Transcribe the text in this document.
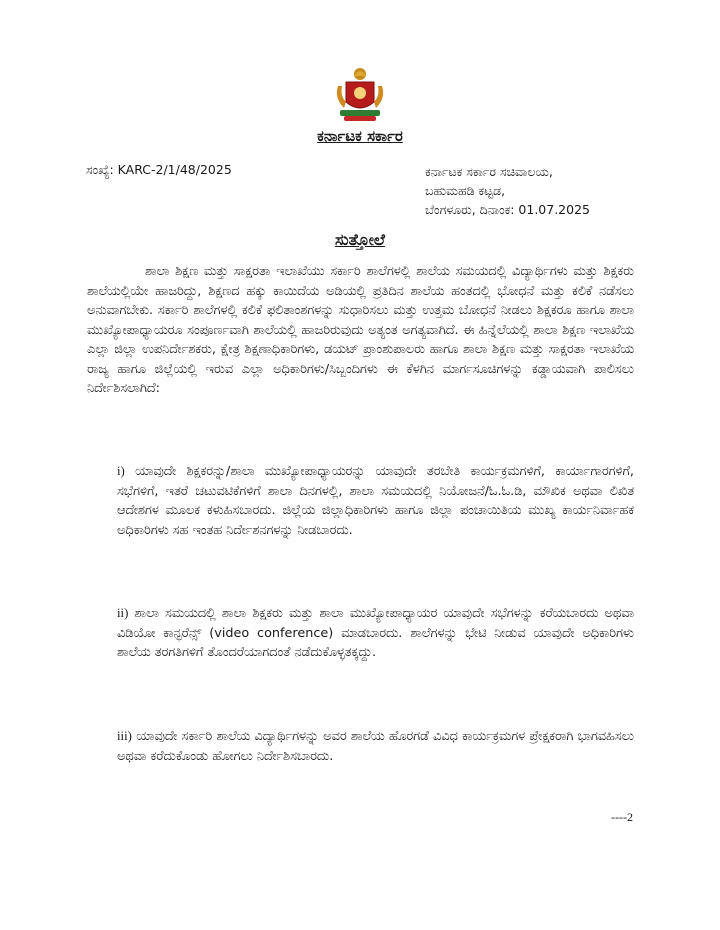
ಕರ್ನಾಟಕ ಸರ್ಕಾರ
ಸಂಖ್ಯೆ: KARC-2/1/48/2025	ಕರ್ನಾಟಕ ಸರ್ಕಾರ ಸಚಿವಾಲಯ,
ಬಹುಮಹಡಿ ಕಟ್ಟಡ,
ಬೆಂಗಳೂರು, ದಿನಾಂಕ: 01.07.2025
ಸುತ್ತೋಲೆ
ಶಾಲಾ ಶಿಕ್ಷಣ ಮತ್ತು ಸಾಕ್ಷರತಾ ಇಲಾಖೆಯು ಸರ್ಕಾರಿ ಶಾಲೆಗಳಲ್ಲಿ ಶಾಲೆಯ ಸಮಯದಲ್ಲಿ ವಿದ್ಯಾರ್ಥಿಗಳು ಮತ್ತು ಶಿಕ್ಷಕರು ಶಾಲೆಯಲ್ಲಿಯೇ ಹಾಜರಿದ್ದು, ಶಿಕ್ಷಣದ ಹಕ್ಕು ಕಾಯಿದೆಯ ಅಡಿಯಲ್ಲಿ ಪ್ರತಿದಿನ ಶಾಲೆಯ ಹಂತದಲ್ಲಿ ಭೋಧನೆ ಮತ್ತು ಕಲಿಕೆ ನಡೆಸಲು ಅನುವಾಗಬೇಕು. ಸರ್ಕಾರಿ ಶಾಲೆಗಳಲ್ಲಿ ಕಲಿಕೆ ಫಲಿತಾಂಶಗಳನ್ನು ಸುಧಾರಿಸಲು ಮತ್ತು ಉತ್ತಮ ಬೋಧನೆ ನೀಡಲು ಶಿಕ್ಷಕರೂ ಹಾಗೂ ಶಾಲಾ ಮುಖ್ಯೋಪಾಧ್ಯಾಯರೂ ಸಂಪೂರ್ಣವಾಗಿ ಶಾಲೆಯಲ್ಲಿ ಹಾಜರಿರುವುದು ಅತ್ಯಂತ ಅಗತ್ಯವಾಗಿದೆ. ಈ ಹಿನ್ನೆಲೆಯಲ್ಲಿ ಶಾಲಾ ಶಿಕ್ಷಣ ಇಲಾಖೆಯ ಎಲ್ಲಾ ಜಿಲ್ಲಾ ಉಪನಿರ್ದೇಶಕರು, ಕ್ಷೇತ್ರ ಶಿಕ್ಷಣಾಧಿಕಾರಿಗಳು, ಡಯಟ್ ಪ್ರಾಂಶುಪಾಲರು ಹಾಗೂ ಶಾಲಾ ಶಿಕ್ಷಣ ಮತ್ತು ಸಾಕ್ಷರತಾ ಇಲಾಖೆಯ ರಾಜ್ಯ ಹಾಗೂ ಜಿಲ್ಲೆಯಲ್ಲಿ ಇರುವ ಎಲ್ಲಾ ಅಧಿಕಾರಿಗಳು/ಸಿಬ್ಬಂದಿಗಳು ಈ ಕೆಳಗಿನ ಮಾರ್ಗಸೂಚಿಗಳನ್ನು ಕಡ್ಡಾಯವಾಗಿ ಪಾಲಿಸಲು ನಿರ್ದೇಶಿಸಲಾಗಿದೆ:
i) ಯಾವುದೇ ಶಿಕ್ಷಕರನ್ನು/ಶಾಲಾ ಮುಖ್ಯೋಪಾಧ್ಯಾಯರನ್ನು ಯಾವುದೇ ತರಬೇತಿ ಕಾರ್ಯಕ್ರಮಗಳಿಗೆ, ಕಾರ್ಯಾಗಾರಗಳಿಗೆ, ಸಭೆಗಳಿಗೆ, ಇತರೆ ಚಟುವಟಿಕೆಗಳಿಗೆ ಶಾಲಾ ದಿನಗಳಲ್ಲಿ, ಶಾಲಾ ಸಮಯದಲ್ಲಿ ನಿಯೋಜನೆ/ಓ.ಓ.ಡಿ, ಮೌಖಿಕ ಅಥವಾ ಲಿಖಿತ ಆದೇಶಗಳ ಮೂಲಕ ಕಳುಹಿಸಬಾರದು. ಜಿಲ್ಲೆಯ ಜಿಲ್ಲಾಧಿಕಾರಿಗಳು ಹಾಗೂ ಜಿಲ್ಲಾ ಪಂಚಾಯಿತಿಯ ಮುಖ್ಯ ಕಾರ್ಯನಿರ್ವಾಹಕ ಅಧಿಕಾರಿಗಳು ಸಹ ಇಂತಹ ನಿರ್ದೇಶನಗಳನ್ನು ನೀಡಬಾರದು.
ii) ಶಾಲಾ ಸಮಯದಲ್ಲಿ ಶಾಲಾ ಶಿಕ್ಷಕರು ಮತ್ತು ಶಾಲಾ ಮುಖ್ಯೋಪಾಧ್ಯಾಯರ ಯಾವುದೇ ಸಭೆಗಳನ್ನು ಕರೆಯಬಾರದು ಅಥವಾ ವಿಡಿಯೋ ಕಾನ್ಫರೆನ್ಸ್ (video conference) ಮಾಡಬಾರದು. ಶಾಲೆಗಳನ್ನು ಭೇಟಿ ನೀಡುವ ಯಾವುದೇ ಅಧಿಕಾರಿಗಳು ಶಾಲೆಯ ತರಗತಿಗಳಿಗೆ ತೊಂದರೆಯಾಗದಂತೆ ನಡೆದುಕೊಳ್ಳತಕ್ಕದ್ದು.
iii) ಯಾವುದೇ ಸರ್ಕಾರಿ ಶಾಲೆಯ ವಿದ್ಯಾರ್ಥಿಗಳನ್ನು ಅವರ ಶಾಲೆಯ ಹೊರಗಡೆ ವಿವಿಧ ಕಾರ್ಯಕ್ರಮಗಳ ಪ್ರೇಕ್ಷಕರಾಗಿ ಭಾಗವಹಿಸಲು ಅಥವಾ ಕರೆದುಕೊಂಡು ಹೋಗಲು ನಿರ್ದೇಶಿಸಬಾರದು.
----2
